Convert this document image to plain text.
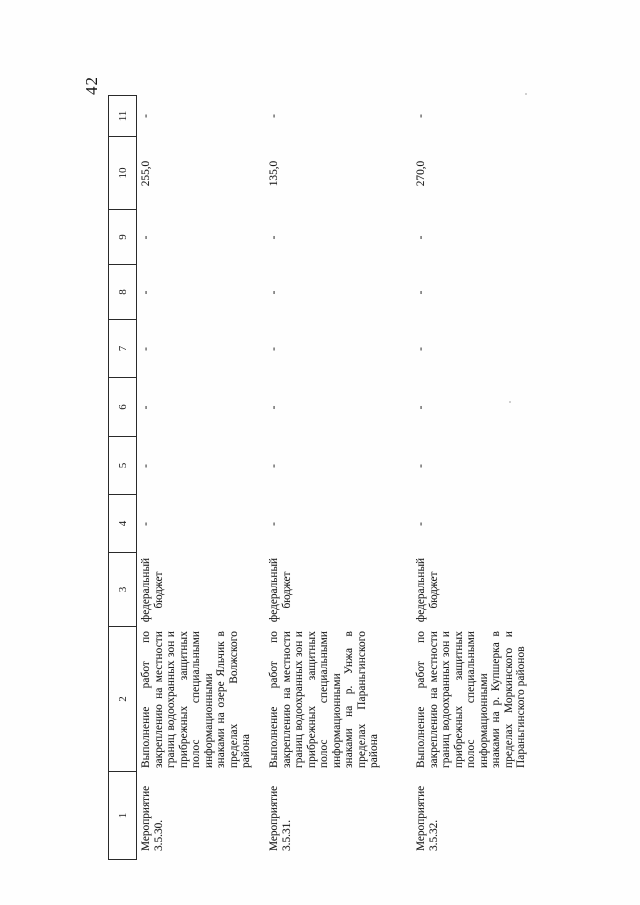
42
1
2
3
4
5
6
7
8
9
10
11
Мероприятие 3.5.30.
Выполнение работ по закреплению на местности границ водоохранных зон и прибрежных защитных полос специальными информационными знаками на озере Яльчик в пределах Волжского района
федеральный бюджет
-
-
-
-
-
-
255,0
-
Мероприятие 3.5.31.
Выполнение работ по закреплению на местности границ водоохранных зон и прибрежных защитных полос специальными информационными знаками на р. Унжа в пределах Параньгинского района
федеральный бюджет
-
-
-
-
-
-
135,0
-
Мероприятие 3.5.32.
Выполнение работ по закреплению на местности границ водоохранных зон и прибрежных защитных полос специальными информационными знаками на р. Купшерка в пределах Моркинского и Параньгинского районов
федеральный бюджет
-
-
-
-
-
-
270,0
-
